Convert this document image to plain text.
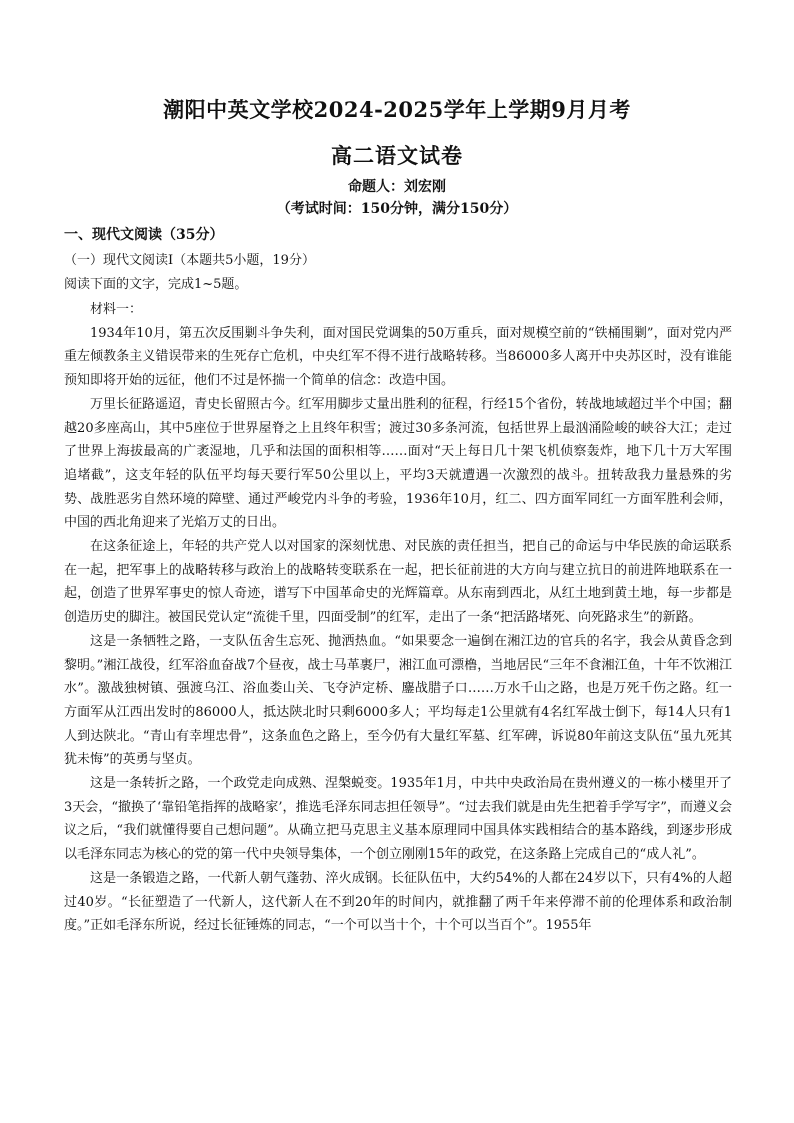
潮阳中英文学校2024-2025学年上学期9月月考
高二语文试卷
命题人：刘宏刚
（考试时间：150分钟，满分150分）
一、现代文阅读（35分）
（一）现代文阅读I（本题共5小题，19分）
阅读下面的文字，完成1~5题。

材料一：

1934年10月，第五次反围剿斗争失利，面对国民党调集的50万重兵，面对规模空前的“铁桶围剿”，面对党内严重左倾教条主义错误带来的生死存亡危机，中央红军不得不进行战略转移。当86000多人离开中央苏区时，没有谁能预知即将开始的远征，他们不过是怀揣一个简单的信念：改造中国。

万里长征路遥迢，青史长留照古今。红军用脚步丈量出胜利的征程，行经15个省份，转战地域超过半个中国；翻越20多座高山，其中5座位于世界屋脊之上且终年积雪；渡过30多条河流，包括世界上最汹涌险峻的峡谷大江；走过了世界上海拔最高的广袤湿地，几乎和法国的面积相等……面对“天上每日几十架飞机侦察轰炸，地下几十万大军围追堵截”，这支年轻的队伍平均每天要行军50公里以上，平均3天就遭遇一次激烈的战斗。扭转敌我力量悬殊的劣势、战胜恶劣自然环境的障壁、通过严峻党内斗争的考验，1936年10月，红二、四方面军同红一方面军胜利会师，中国的西北角迎来了光焰万丈的日出。

在这条征途上，年轻的共产党人以对国家的深刻忧患、对民族的责任担当，把自己的命运与中华民族的命运联系在一起，把军事上的战略转移与政治上的战略转变联系在一起，把长征前进的大方向与建立抗日的前进阵地联系在一起，创造了世界军事史的惊人奇迹，谱写下中国革命史的光辉篇章。从东南到西北，从红土地到黄土地，每一步都是创造历史的脚注。被国民党认定“流徙千里，四面受制”的红军，走出了一条“把活路堵死、向死路求生”的新路。

这是一条牺牲之路，一支队伍舍生忘死、抛洒热血。“如果要念一遍倒在湘江边的官兵的名字，我会从黄昏念到黎明。”湘江战役，红军浴血奋战7个昼夜，战士马革裹尸，湘江血可漂橹，当地居民“三年不食湘江鱼，十年不饮湘江水”。激战独树镇、强渡乌江、浴血娄山关、飞夺泸定桥、鏖战腊子口……万水千山之路，也是万死千伤之路。红一方面军从江西出发时的86000人，抵达陕北时只剩6000多人；平均每走1公里就有4名红军战士倒下，每14人只有1人到达陕北。“青山有幸埋忠骨”，这条血色之路上，至今仍有大量红军墓、红军碑，诉说80年前这支队伍“虽九死其犹未悔”的英勇与坚贞。

这是一条转折之路，一个政党走向成熟、涅槃蜕变。1935年1月，中共中央政治局在贵州遵义的一栋小楼里开了3天会，“撤换了‘靠铅笔指挥的战略家’，推选毛泽东同志担任领导”。“过去我们就是由先生把着手学写字”，而遵义会议之后，“我们就懂得要自己想问题”。从确立把马克思主义基本原理同中国具体实践相结合的基本路线，到逐步形成以毛泽东同志为核心的党的第一代中央领导集体，一个创立刚刚15年的政党，在这条路上完成自己的“成人礼”。

这是一条锻造之路，一代新人朝气蓬勃、淬火成钢。长征队伍中，大约54%的人都在24岁以下，只有4%的人超过40岁。“长征塑造了一代新人，这代新人在不到20年的时间内，就推翻了两千年来停滞不前的伦理体系和政治制度。”正如毛泽东所说，经过长征锤炼的同志，“一个可以当十个，十个可以当百个”。1955年
